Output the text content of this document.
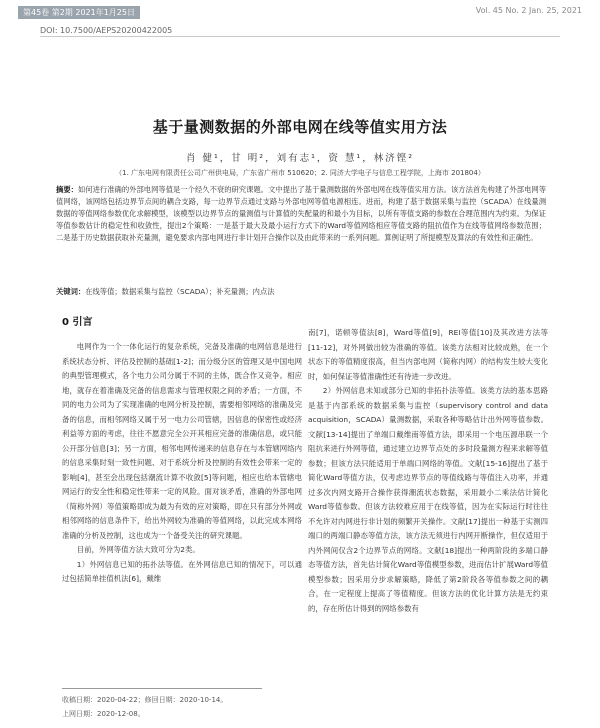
第45卷 第2期 2021年1月25日	Vol. 45 No. 2 Jan. 25, 2021
DOI: 10.7500/AEPS20200422005
基于量测数据的外部电网在线等值实用方法
肖 健¹，甘 明²，刘有志¹，资 慧¹，林济铿²
（1. 广东电网有限责任公司广州供电局，广东省广州市 510620；2. 同济大学电子与信息工程学院，上海市 201804）
摘要：如何进行准确的外部电网等值是一个经久不衰的研究课题。文中提出了基于量测数据的外部电网在线等值实用方法。该方法首先构建了外部电网等值网络，该网络包括边界节点间的耦合支路，每一边界节点通过支路与外部电网等值电源相连。进而，构建了基于数据采集与监控（SCADA）在线量测数据的等值网络参数优化求解模型，该模型以边界节点的量测值与计算值的失配量的和最小为目标，以所有等值支路的参数在合理范围内为约束。为保证等值参数估计的稳定性和收敛性，提出2个策略：一是基于最大及最小运行方式下的Ward等值网络相应等值支路的阻抗值作为在线等值网络参数范围；二是基于历史数据获取补充量测，避免要求内部电网进行非计划开合操作以及由此带来的一系列问题。算例证明了所提模型及算法的有效性和正确性。
关键词：在线等值；数据采集与监控（SCADA）；补充量测；内点法
0 引言

电网作为一个一体化运行的复杂系统，完备及准确的电网信息是进行系统状态分析、评估及控制的基础[1-2]；而分级分区的管理又是中国电网的典型管理模式，各个电力公司分属于不同的主体，既合作又竞争。相应地，就存在着准确及完备的信息需求与管理权限之间的矛盾；一方面，不同的电力公司为了实现准确的电网分析及控制，需要相邻网络的准确及完备的信息，而相邻网络又属于另一电力公司管辖，因信息的保密性或经济利益等方面的考虑，往往不愿意完全公开其相应完备的准确信息，或只能公开部分信息[3]；另一方面，相邻电网传递来的信息存在与本管辖网络内的信息采集时刻一致性问题、对于系统分析及控制的有效性会带来一定的影响[4]，甚至会出现包括潮流计算不收敛[5]等问题，相应也给本管辖电网运行的安全性和稳定性带来一定的风险。面对该矛盾，准确的外部电网（简称外网）等值策略即成为最为有效的应对策略，即在只有部分外网或相邻网络的信息条件下，给出外网较为准确的等值网络，以此完成本网络准确的分析及控制，这也成为一个备受关注的研究课题。

目前，外网等值方法大致可分为2类。

1）外网信息已知的拓扑法等值。在外网信息已知的情况下，可以通过包括简单挂值机法[6]，戴维

南[7]，诺顿等值法[8]，Ward等值[9]，REI等值[10]及其改进方法等[11-12]，对外网做出较为准确的等值。该类方法相对比较成熟，在一个状态下的等值精度很高，但当内部电网（简称内网）的结构发生较大变化时，如何保证等值准确性还有待进一步改进。

2）外网信息未知或部分已知的非拓扑法等值。该类方法的基本思路是基于内部系统的数据采集与监控（supervisory control and data acquisition，SCADA）量测数据，采取各种等略估计出外网等值参数。文献[13-14]提出了单端口戴维南等值方法，即采用一个电压源串联一个阻抗来进行外网等值，通过建立边界节点处的多时段量测方程来求解等值参数；但该方法只能适用于单端口网络的等值。文献[15-16]提出了基于简化Ward等值方法，仅考虑边界节点的等值线路与等值注入功率，并通过多次内网支路开合操作获得潮流状态数据，采用最小二乘法估计简化Ward等值参数。但该方法较难应用于在线等值，因为在实际运行时往往不允许对内网进行非计划的频繁开关操作。文献[17]提出一种基于实测四端口的两端口静态等值方法，该方法无须进行内网开断操作，但仅适用于内外网间仅含2个边界节点的网络。文献[18]提出一种两阶段的多端口静态等值方法，首先估计简化Ward等值模型参数，进而估计扩展Ward等值模型参数；因采用分步求解策略，降低了第2阶段各等值参数之间的耦合，在一定程度上提高了等值精度。但该方法的优化计算方法是无约束的，存在所估计得到的网络参数有

收稿日期：2020-04-22；修回日期：2020-10-14。
上网日期：2020-12-08。
